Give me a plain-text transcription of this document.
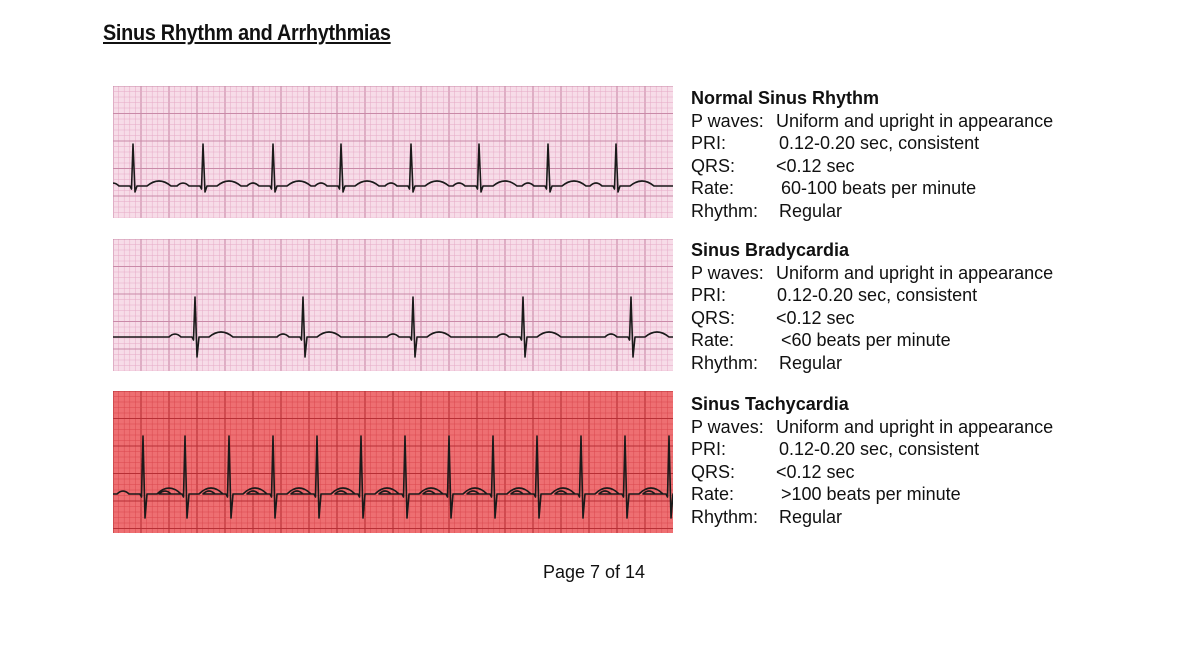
Sinus Rhythm and Arrhythmias
Normal Sinus Rhythm
P waves: Uniform and upright in appearance
PRI:	0.12-0.20 sec, consistent
QRS: <0.12 sec
Rate:	60-100 beats per minute
Rhythm: Regular
Sinus Bradycardia
P waves: Uniform and upright in appearance
PRI:	0.12-0.20 sec, consistent
QRS: <0.12 sec
Rate:	<60 beats per minute
Rhythm: Regular
Sinus Tachycardia
P waves: Uniform and upright in appearance
PRI:	0.12-0.20 sec, consistent
QRS: <0.12 sec
Rate:	>100 beats per minute
Rhythm: Regular
Page 7 of 14
